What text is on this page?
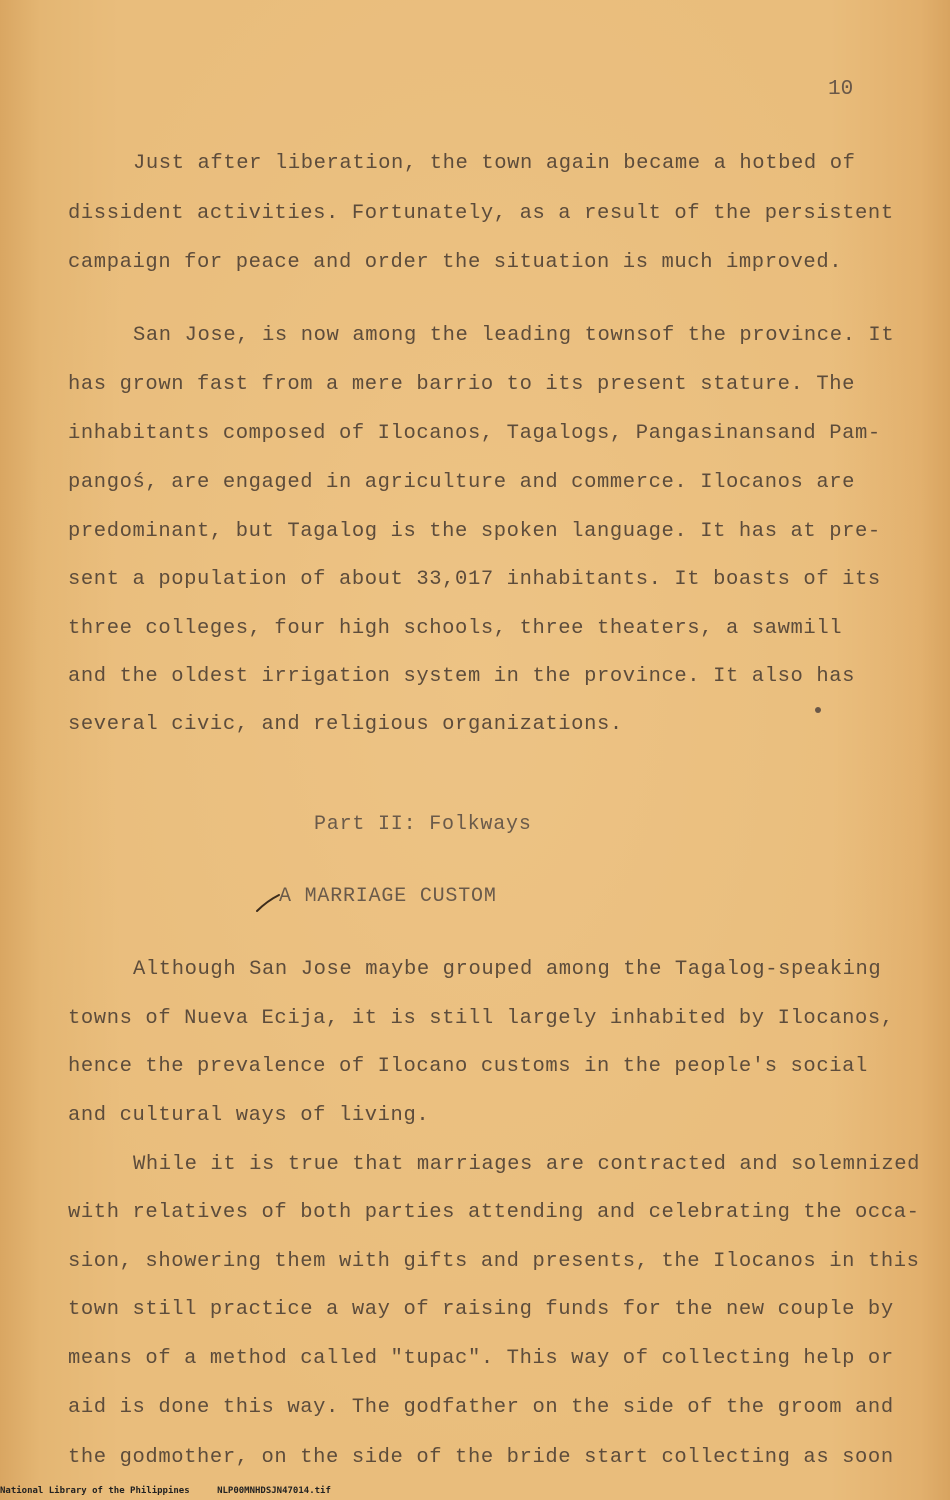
10
Just after liberation, the town again became a hotbed of
dissident activities. Fortunately, as a result of the persistent
campaign for peace and order the situation is much improved.
San Jose, is now among the leading townsof the province. It
has grown fast from a mere barrio to its present stature. The
inhabitants composed of Ilocanos, Tagalogs, Pangasinansand Pam-
pangoś, are engaged in agriculture and commerce. Ilocanos are
predominant, but Tagalog is the spoken language. It has at pre-
sent a population of about 33,017 inhabitants. It boasts of its
three colleges, four high schools, three theaters, a sawmill
and the oldest irrigation system in the province. It also has
several civic, and religious organizations.
Part II: Folkways
A MARRIAGE CUSTOM
Although San Jose maybe grouped among the Tagalog-speaking
towns of Nueva Ecija, it is still largely inhabited by Ilocanos,
hence the prevalence of Ilocano customs in the people's social
and cultural ways of living.
While it is true that marriages are contracted and solemnized
with relatives of both parties attending and celebrating the occa-
sion, showering them with gifts and presents, the Ilocanos in this
town still practice a way of raising funds for the new couple by
means of a method called "tupac". This way of collecting help or
aid is done this way. The godfather on the side of the groom and
the godmother, on the side of the bride start collecting as soon
National Library of the Philippines	NLP00MNHDSJN47014.tif
